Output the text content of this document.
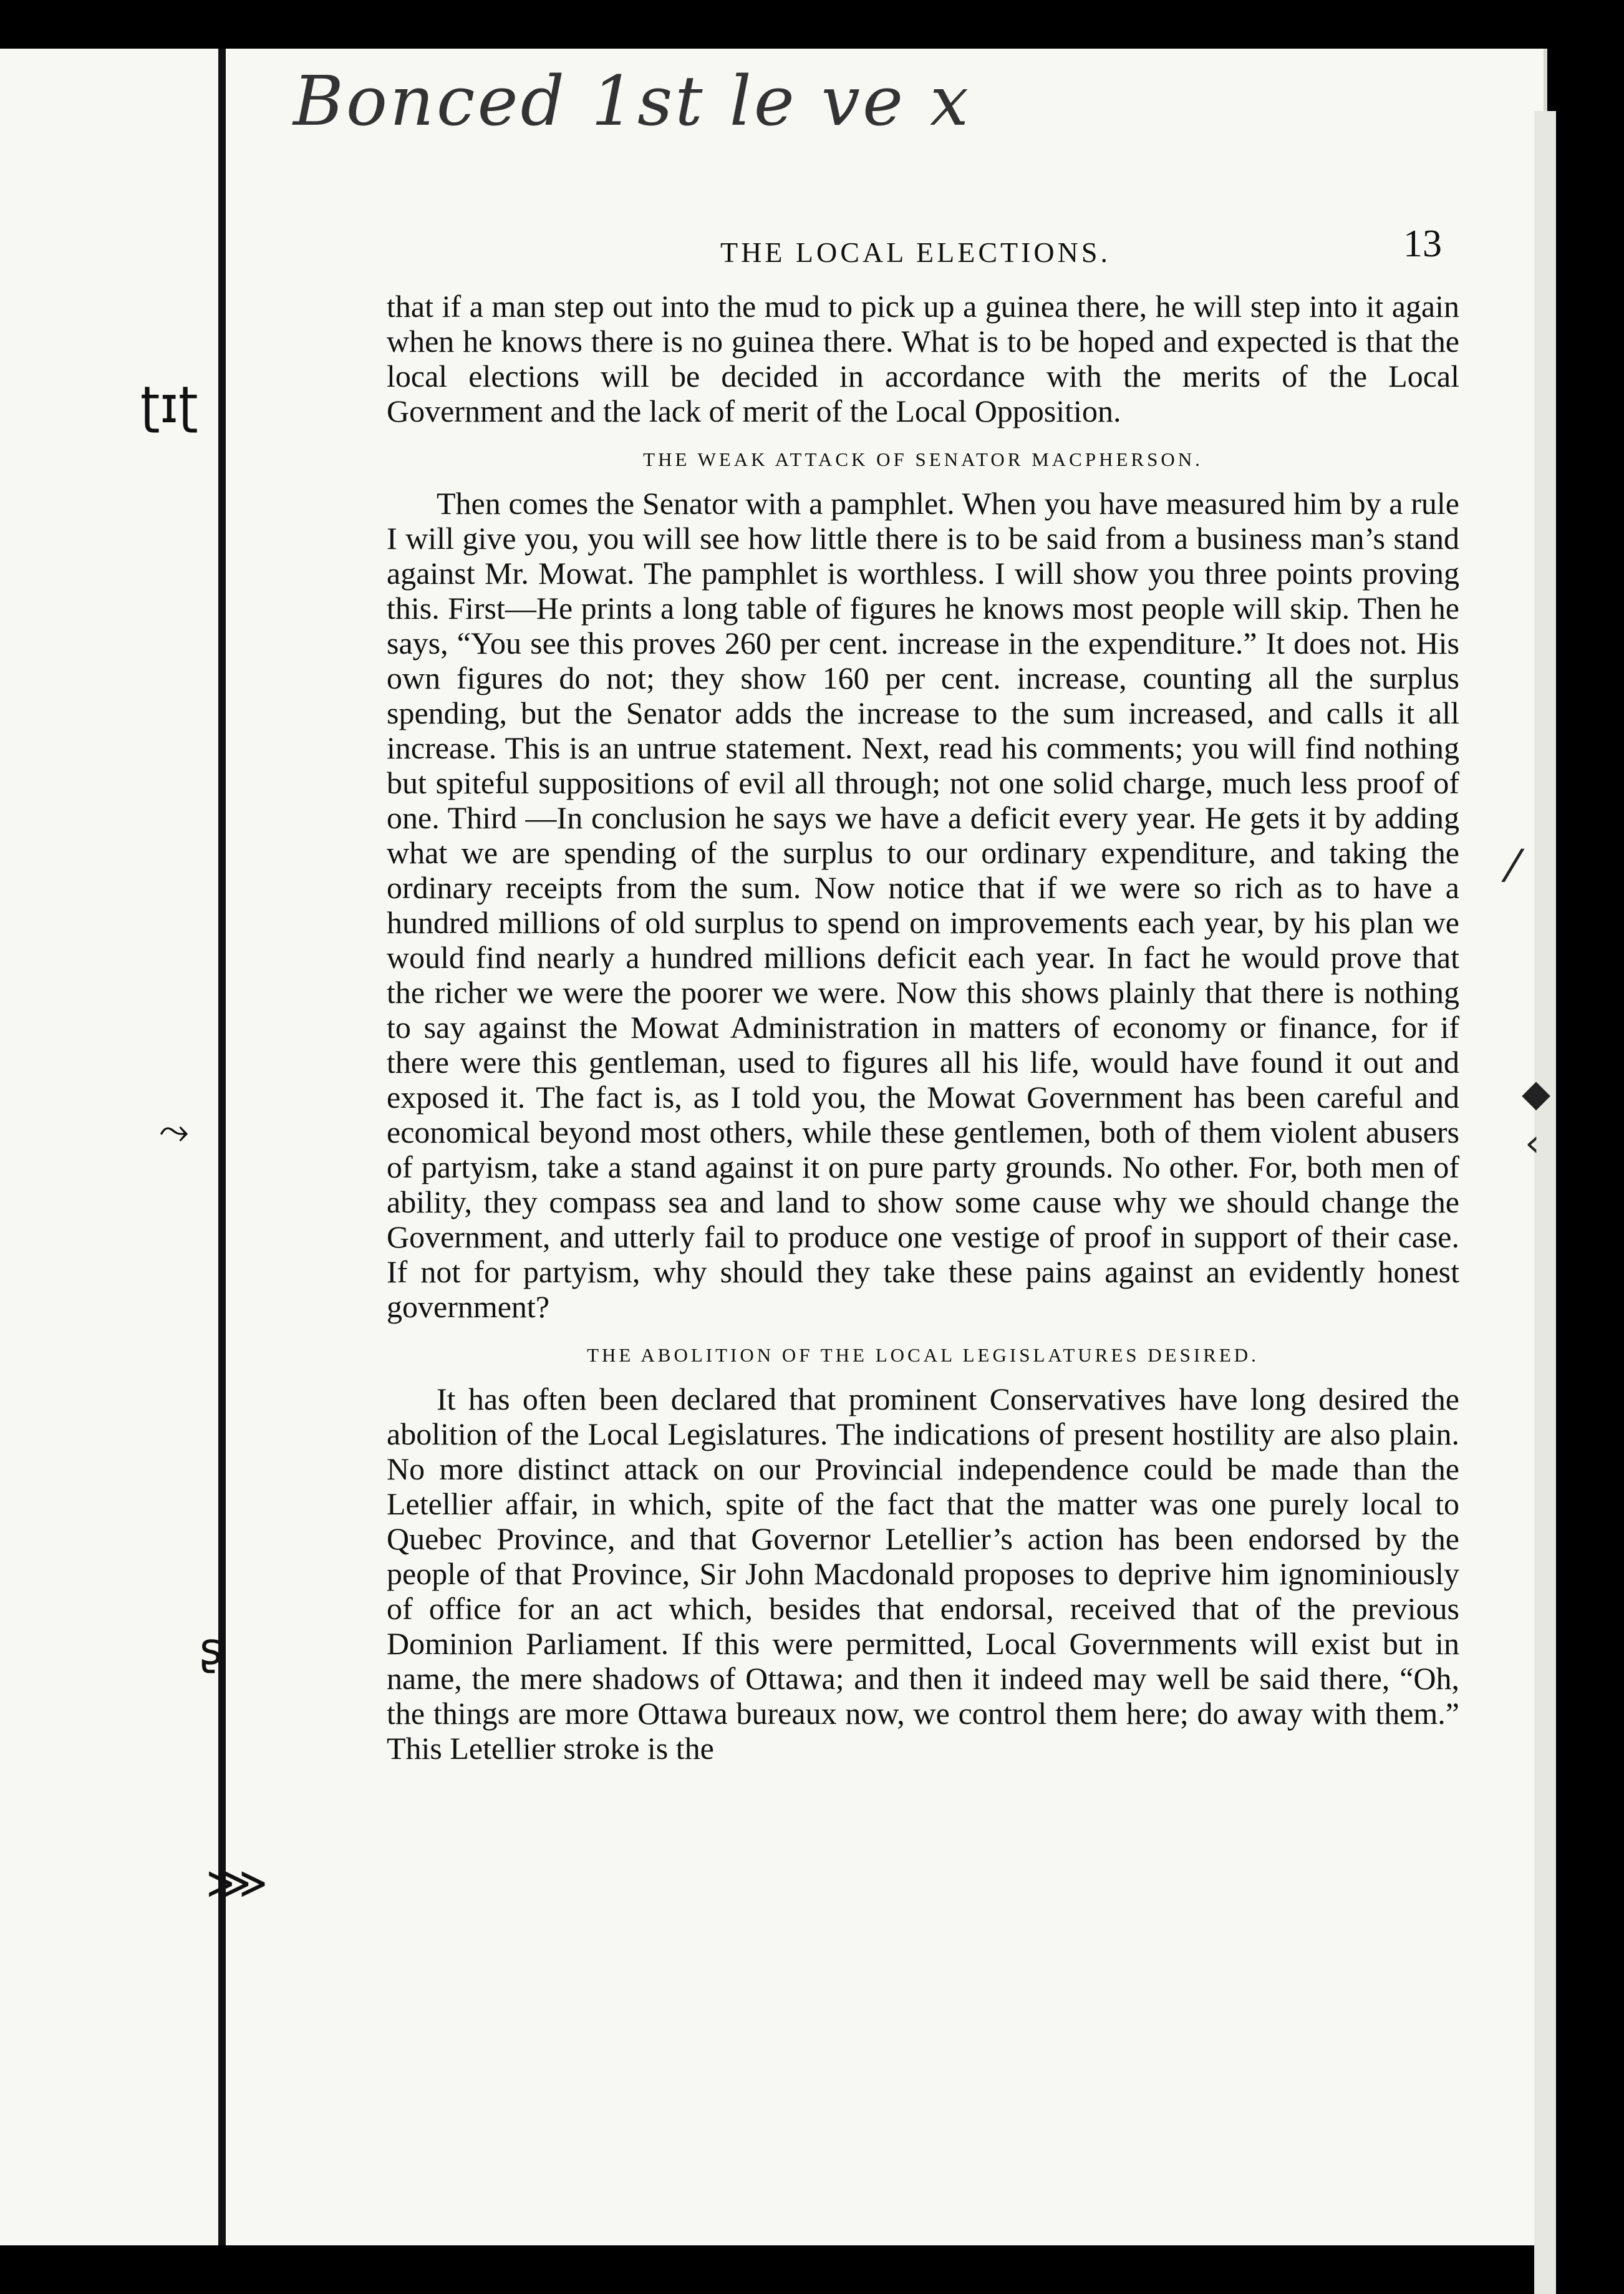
ʈɪʈ
⤳
ʂ
⋙
Bonced 1st le ve x
THE LOCAL ELECTIONS.	13

that if a man step out into the mud to pick up a guinea there, he will step into it again when he knows there is no guinea there. What is to be hoped and expected is that the local elections will be decided in accordance with the merits of the Local Government and the lack of merit of the Local Opposition.

THE WEAK ATTACK OF SENATOR MACPHERSON.

Then comes the Senator with a pamphlet. When you have measured him by a rule I will give you, you will see how little there is to be said from a business man’s stand against Mr. Mowat. The pamphlet is worthless. I will show you three points proving this. First—He prints a long table of figures he knows most people will skip. Then he says, “You see this proves 260 per cent. increase in the expenditure.” It does not. His own figures do not; they show 160 per cent. increase, counting all the surplus spending, but the Senator adds the increase to the sum increased, and calls it all increase. This is an untrue statement. Next, read his comments; you will find nothing but spiteful suppositions of evil all through; not one solid charge, much less proof of one. Third —In conclusion he says we have a deficit every year. He gets it by adding what we are spending of the surplus to our ordinary expenditure, and taking the ordinary receipts from the sum. Now notice that if we were so rich as to have a hundred millions of old surplus to spend on improvements each year, by his plan we would find nearly a hundred millions deficit each year. In fact he would prove that the richer we were the poorer we were. Now this shows plainly that there is nothing to say against the Mowat Administration in matters of economy or finance, for if there were this gentleman, used to figures all his life, would have found it out and exposed it. The fact is, as I told you, the Mowat Government has been careful and economical beyond most others, while these gentlemen, both of them violent abusers of partyism, take a stand against it on pure party grounds. No other. For, both men of ability, they compass sea and land to show some cause why we should change the Government, and utterly fail to produce one vestige of proof in support of their case. If not for partyism, why should they take these pains against an evidently honest government?

THE ABOLITION OF THE LOCAL LEGISLATURES DESIRED.

It has often been declared that prominent Conservatives have long desired the abolition of the Local Legislatures. The indications of present hostility are also plain. No more distinct attack on our Provincial independence could be made than the Letellier affair, in which, spite of the fact that the matter was one purely local to Quebec Province, and that Governor Letellier’s action has been endorsed by the people of that Province, Sir John Macdonald proposes to deprive him ignominiously of office for an act which, besides that endorsal, received that of the previous Dominion Parliament. If this were permitted, Local Governments will exist but in name, the mere shadows of Ottawa; and then it indeed may well be said there, “Oh, the things are more Ottawa bureaux now, we control them here; do away with them.” This Letellier stroke is the

⁄
◆
‹
